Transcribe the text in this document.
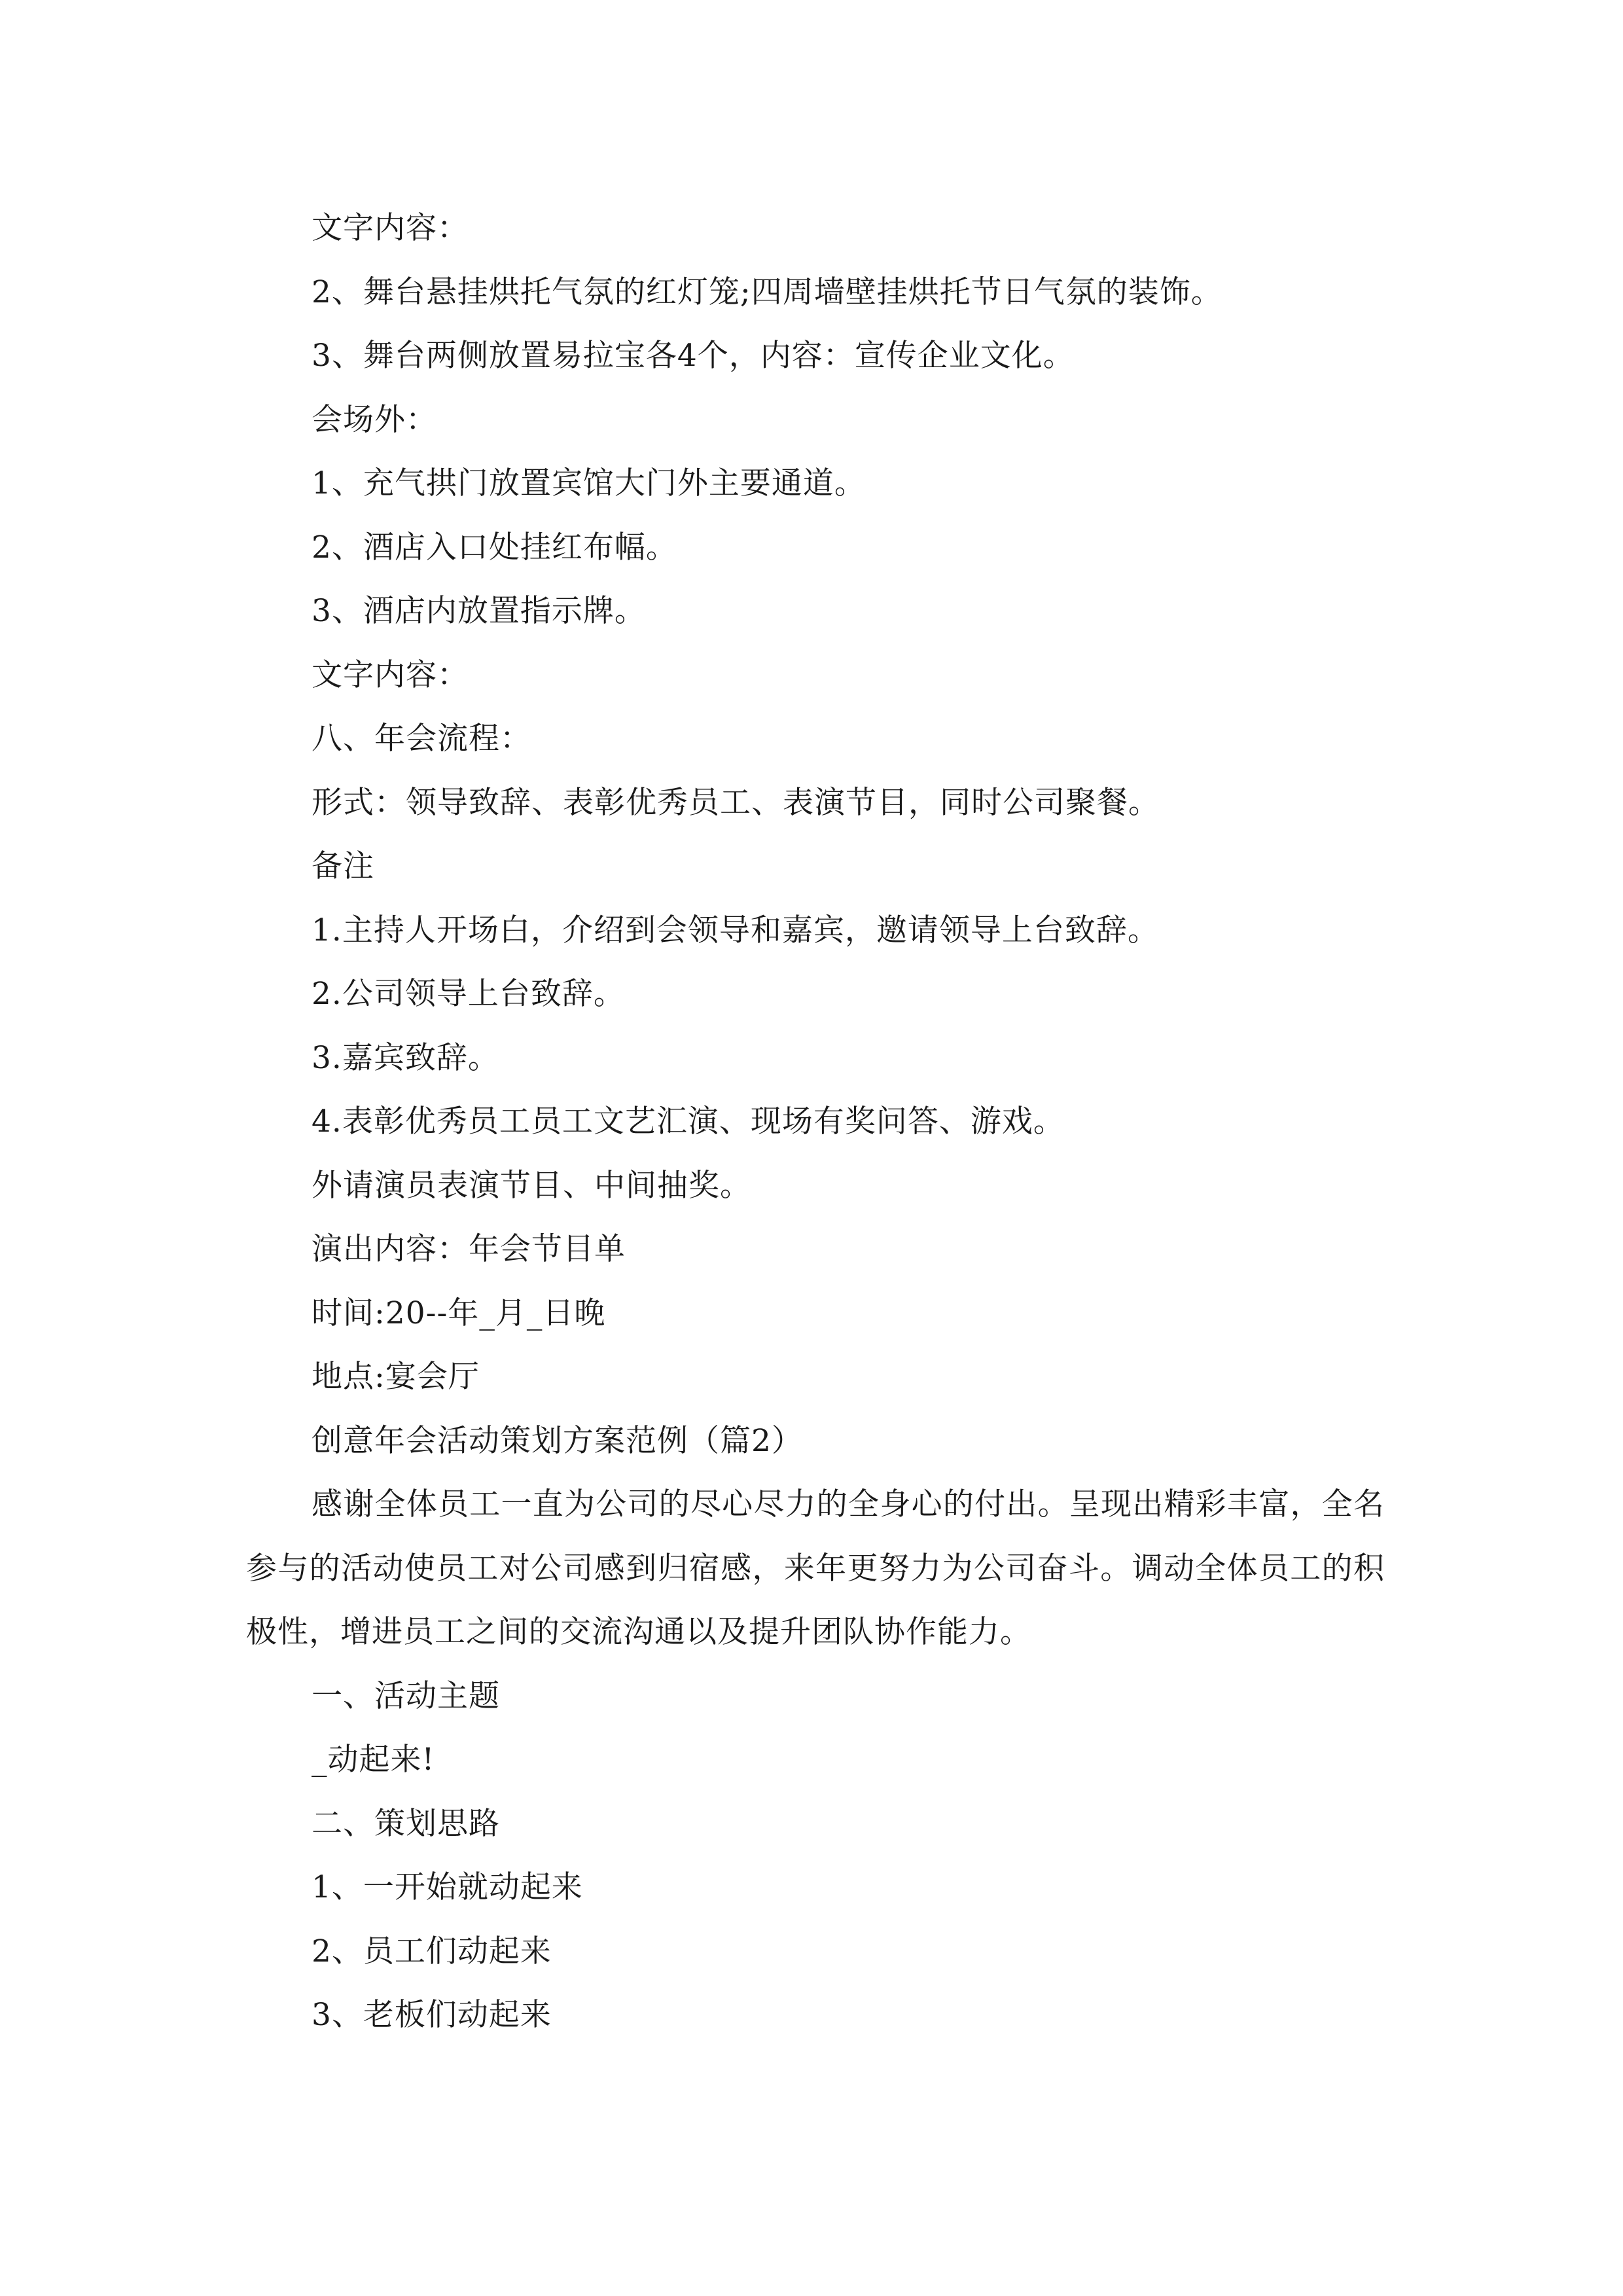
文字内容：
2、舞台悬挂烘托气氛的红灯笼;四周墙壁挂烘托节日气氛的装饰。
3、舞台两侧放置易拉宝各4个，内容：宣传企业文化。
会场外：
1、充气拱门放置宾馆大门外主要通道。
2、酒店入口处挂红布幅。
3、酒店内放置指示牌。
文字内容：
八、年会流程：
形式：领导致辞、表彰优秀员工、表演节目，同时公司聚餐。
备注
1.主持人开场白，介绍到会领导和嘉宾，邀请领导上台致辞。
2.公司领导上台致辞。
3.嘉宾致辞。
4.表彰优秀员工员工文艺汇演、现场有奖问答、游戏。
外请演员表演节目、中间抽奖。
演出内容：年会节目单
时间:20--年_月_日晚
地点:宴会厅
创意年会活动策划方案范例（篇2）

感谢全体员工一直为公司的尽心尽力的全身心的付出。呈现出精彩丰富，全名参与的活动使员工对公司感到归宿感，来年更努力为公司奋斗。调动全体员工的积极性，增进员工之间的交流沟通以及提升团队协作能力。

一、活动主题
_动起来!
二、策划思路
1、一开始就动起来
2、员工们动起来
3、老板们动起来
